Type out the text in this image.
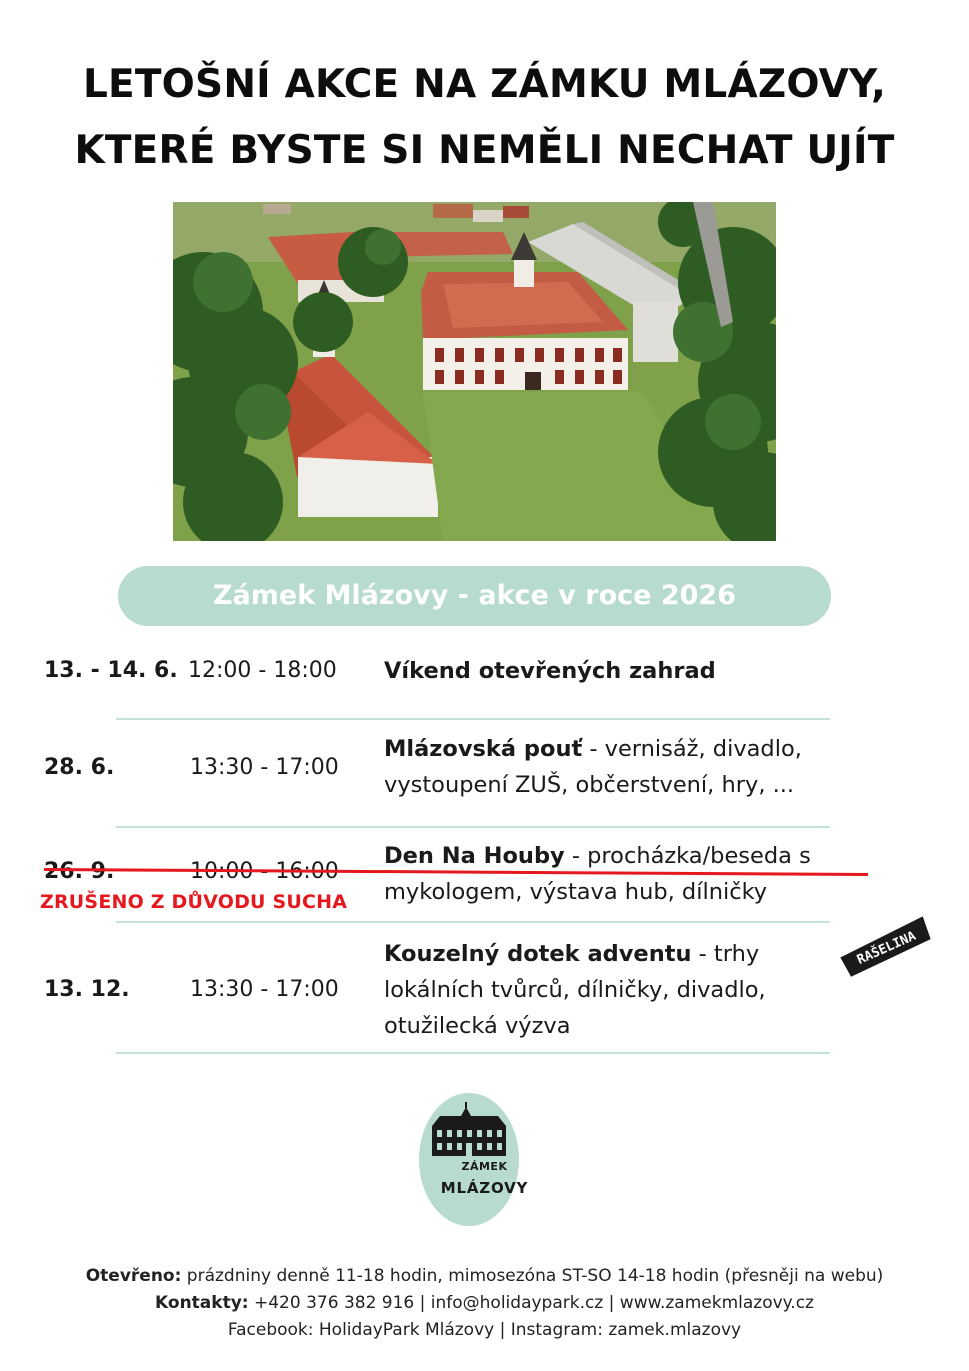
LETOŠNÍ AKCE NA ZÁMKU MLÁZOVY,
KTERÉ BYSTE SI NEMĚLI NECHAT UJÍT
Zámek Mlázovy - akce v roce 2026
13. - 14. 6. 12:00 - 18:00 Víkend otevřených zahrad
28. 6.	13:30 - 17:00
Mlázovská pouť - vernisáž, divadlo, vystoupení ZUŠ, občerstvení, hry, ...
26. 9.
Den Na Houby - procházka/beseda s mykologem, výstava hub, dílničky
ZRUŠENO Z DŮVODU SUCHA
RAŠELINA
13. 12.	13:30 - 17:00
Kouzelný dotek adventu - trhy lokálních tvůrců, dílničky, divadlo, otužilecká výzva
ZÁMEK
MLÁZOVY
Otevřeno: prázdniny denně 11-18 hodin, mimosezóna ST-SO 14-18 hodin (přesněji na webu)
Kontakty: +420 376 382 916 | info@holidaypark.cz | www.zamekmlazovy.cz
Facebook: HolidayPark Mlázovy | Instagram: zamek.mlazovy
